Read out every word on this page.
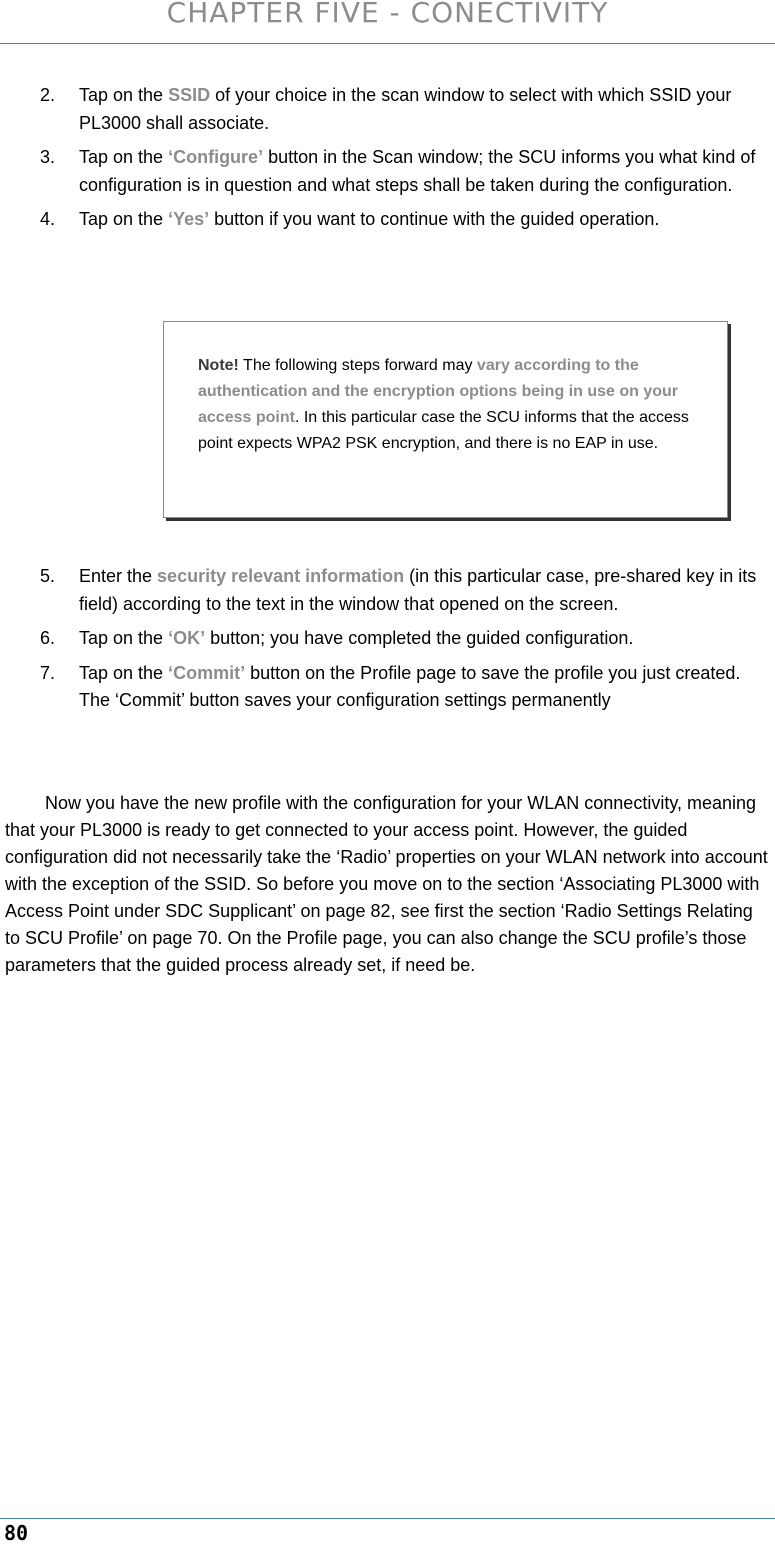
CHAPTER FIVE - CONECTIVITY
2. Tap on the SSID of your choice in the scan window to select with which SSID your PL3000 shall associate.
3. Tap on the ‘Configure’ button in the Scan window; the SCU informs you what kind of configuration is in question and what steps shall be taken during the configuration.
4. Tap on the ‘Yes’ button if you want to continue with the guided operation.
Note! The following steps forward may vary according to the authentication and the encryption options being in use on your access point. In this particular case the SCU informs that the access point expects WPA2 PSK encryption, and there is no EAP in use.
5. Enter the security relevant information (in this particular case, pre-shared key in its field) according to the text in the window that opened on the screen.
6. Tap on the ‘OK’ button; you have completed the guided configuration.
7. Tap on the ‘Commit’ button on the Profile page to save the profile you just created. The ‘Commit’ button saves your configuration settings permanently

Now you have the new profile with the configuration for your WLAN connectivity, meaning that your PL3000 is ready to get connected to your access point. However, the guided configuration did not necessarily take the ‘Radio’ properties on your WLAN network into account with the exception of the SSID. So before you move on to the section ‘Associating PL3000 with Access Point under SDC Supplicant’ on page 82, see first the section ‘Radio Settings Relating to SCU Profile’ on page 70. On the Profile page, you can also change the SCU profile’s those parameters that the guided process already set, if need be.

80
